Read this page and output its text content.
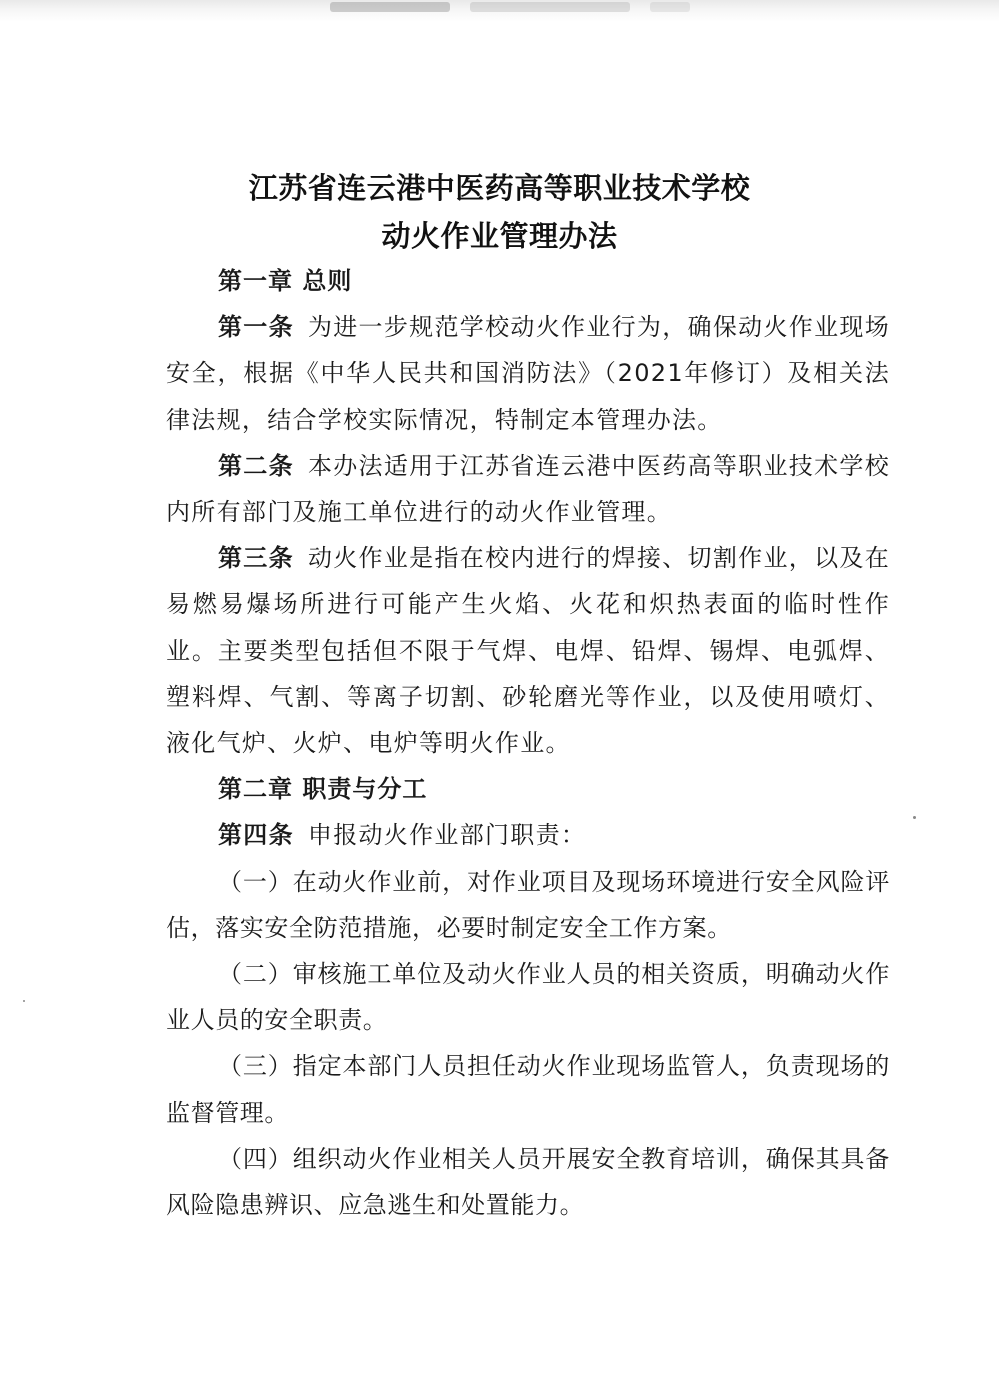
江苏省连云港中医药高等职业技术学校
动火作业管理办法

第一章 总则

第一条 为进一步规范学校动火作业行为，确保动火作业现场安全，根据《中华人民共和国消防法》（2021年修订）及相关法律法规，结合学校实际情况，特制定本管理办法。

第二条 本办法适用于江苏省连云港中医药高等职业技术学校内所有部门及施工单位进行的动火作业管理。

第三条 动火作业是指在校内进行的焊接、切割作业，以及在易燃易爆场所进行可能产生火焰、火花和炽热表面的临时性作业。主要类型包括但不限于气焊、电焊、铅焊、锡焊、电弧焊、塑料焊、气割、等离子切割、砂轮磨光等作业，以及使用喷灯、液化气炉、火炉、电炉等明火作业。

第二章 职责与分工

第四条 申报动火作业部门职责：

（一）在动火作业前，对作业项目及现场环境进行安全风险评估，落实安全防范措施，必要时制定安全工作方案。

（二）审核施工单位及动火作业人员的相关资质，明确动火作业人员的安全职责。

（三）指定本部门人员担任动火作业现场监管人，负责现场的监督管理。

（四）组织动火作业相关人员开展安全教育培训，确保其具备风险隐患辨识、应急逃生和处置能力。
